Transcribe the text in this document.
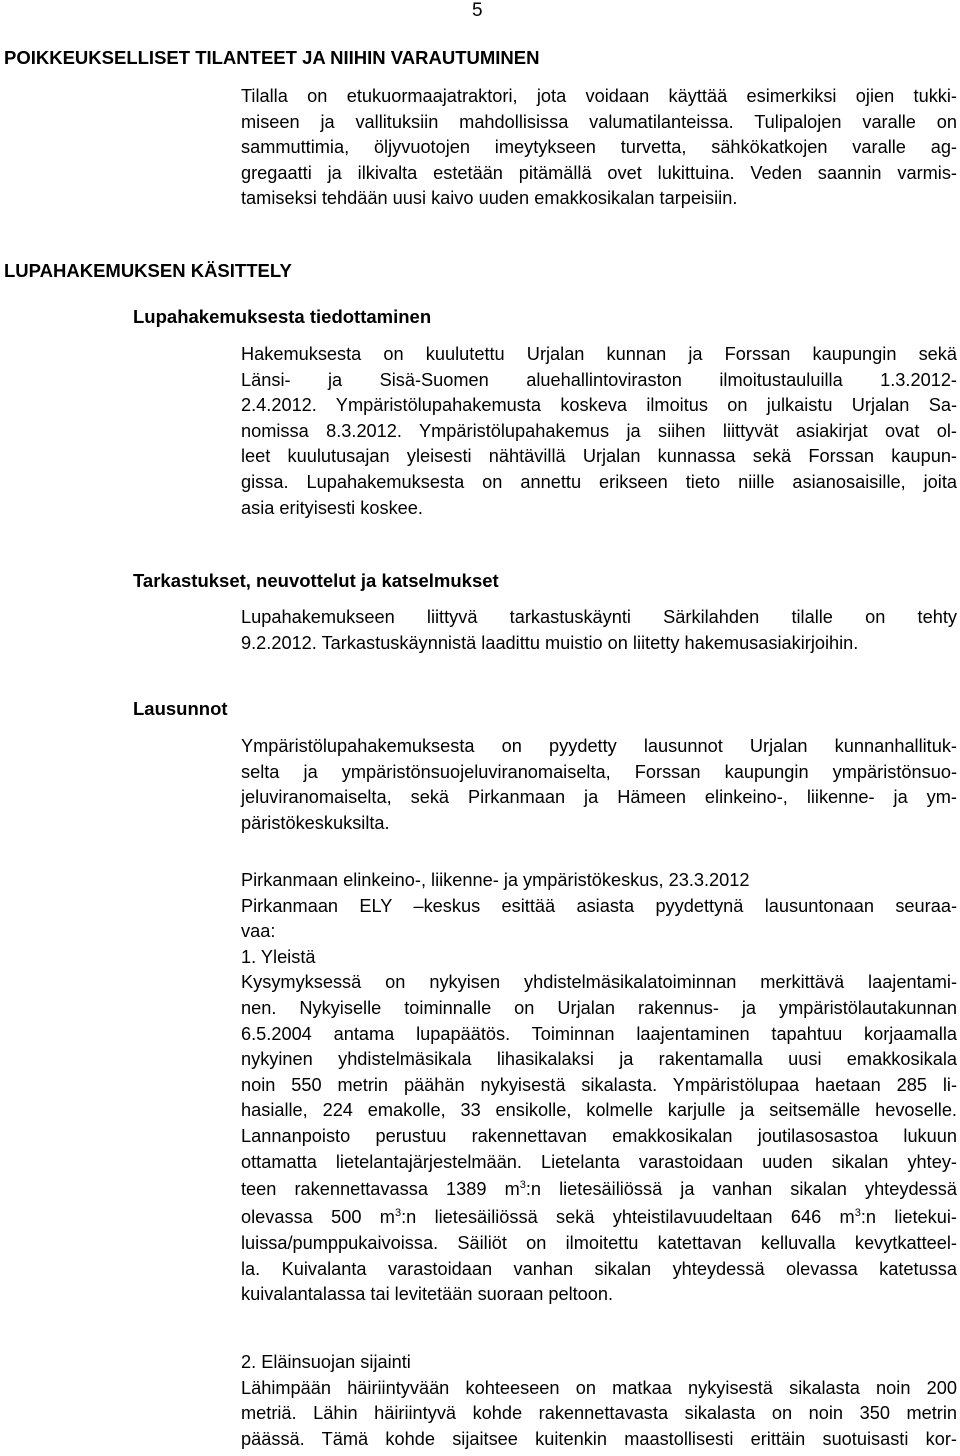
5
POIKKEUKSELLISET TILANTEET JA NIIHIN VARAUTUMINEN
Tilalla on etukuormaajatraktori, jota voidaan käyttää esimerkiksi ojien tukki-
miseen ja vallituksiin mahdollisissa valumatilanteissa. Tulipalojen varalle on
sammuttimia, öljyvuotojen imeytykseen turvetta, sähkökatkojen varalle ag-
gregaatti ja ilkivalta estetään pitämällä ovet lukittuina. Veden saannin varmis-
tamiseksi tehdään uusi kaivo uuden emakkosikalan tarpeisiin.
LUPAHAKEMUKSEN KÄSITTELY
Lupahakemuksesta tiedottaminen
Hakemuksesta on kuulutettu Urjalan kunnan ja Forssan kaupungin sekä
Länsi- ja Sisä-Suomen aluehallintoviraston ilmoitustauluilla 1.3.2012-
2.4.2012. Ympäristölupahakemusta koskeva ilmoitus on julkaistu Urjalan Sa-
nomissa 8.3.2012. Ympäristölupahakemus ja siihen liittyvät asiakirjat ovat ol-
leet kuulutusajan yleisesti nähtävillä Urjalan kunnassa sekä Forssan kaupun-
gissa. Lupahakemuksesta on annettu erikseen tieto niille asianosaisille, joita
asia erityisesti koskee.
Tarkastukset, neuvottelut ja katselmukset
Lupahakemukseen liittyvä tarkastuskäynti Särkilahden tilalle on tehty
9.2.2012. Tarkastuskäynnistä laadittu muistio on liitetty hakemusasiakirjoihin.
Lausunnot
Ympäristölupahakemuksesta on pyydetty lausunnot Urjalan kunnanhallituk-
selta ja ympäristönsuojeluviranomaiselta, Forssan kaupungin ympäristönsuo-
jeluviranomaiselta, sekä Pirkanmaan ja Hämeen elinkeino-, liikenne- ja ym-
päristökeskuksilta.
Pirkanmaan elinkeino-, liikenne- ja ympäristökeskus, 23.3.2012
Pirkanmaan ELY –keskus esittää asiasta pyydettynä lausuntonaan seuraa-
vaa:
1. Yleistä
Kysymyksessä on nykyisen yhdistelmäsikalatoiminnan merkittävä laajentami-
nen. Nykyiselle toiminnalle on Urjalan rakennus- ja ympäristölautakunnan
6.5.2004 antama lupapäätös. Toiminnan laajentaminen tapahtuu korjaamalla
nykyinen yhdistelmäsikala lihasikalaksi ja rakentamalla uusi emakkosikala
noin 550 metrin päähän nykyisestä sikalasta. Ympäristölupaa haetaan 285 li-
hasialle, 224 emakolle, 33 ensikolle, kolmelle karjulle ja seitsemälle hevoselle.
Lannanpoisto perustuu rakennettavan emakkosikalan joutilasosastoa lukuun
ottamatta lietelantajärjestelmään. Lietelanta varastoidaan uuden sikalan yhtey-
teen rakennettavassa 1389 $m^3:n$ lietesäiliössä ja vanhan sikalan yhteydessä
olevassa 500 $m^3:n$ lietesäiliössä sekä yhteistilavuudeltaan 646 $m^3:n$ lietekui-
luissa/pumppukaivoissa. Säiliöt on ilmoitettu katettavan kelluvalla kevytkatteel-
la. Kuivalanta varastoidaan vanhan sikalan yhteydessä olevassa katetussa
kuivalantalassa tai levitetään suoraan peltoon.
2. Eläinsuojan sijainti
Lähimpään häiriintyvään kohteeseen on matkaa nykyisestä sikalasta noin 200
metriä. Lähin häiriintyvä kohde rakennettavasta sikalasta on noin 350 metrin
päässä. Tämä kohde sijaitsee kuitenkin maastollisesti erittäin suotuisasti kor-
